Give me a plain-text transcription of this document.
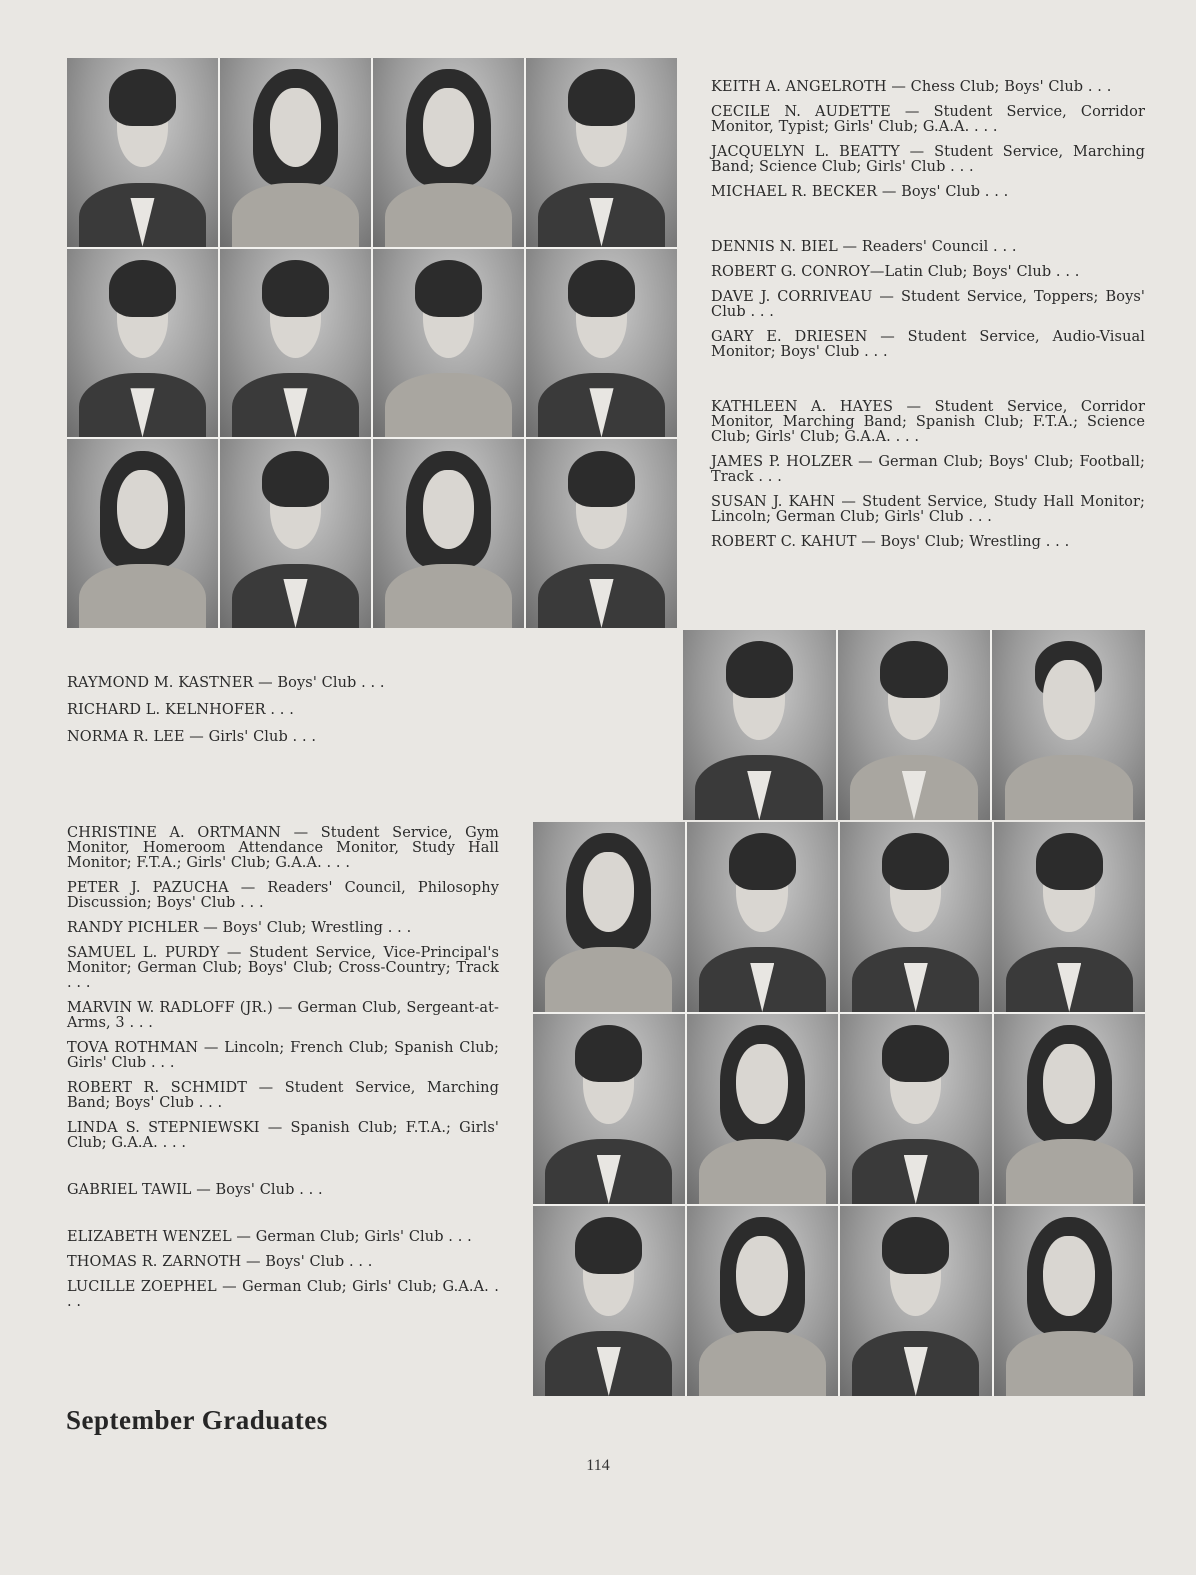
KEITH A. ANGELROTH — Chess Club; Boys' Club . . .

CECILE N. AUDETTE — Student Service, Corridor Monitor, Typist; Girls' Club; G.A.A. . . .

JACQUELYN L. BEATTY — Student Service, Marching Band; Science Club; Girls' Club . . .

MICHAEL R. BECKER — Boys' Club . . .

DENNIS N. BIEL — Readers' Council . . .

ROBERT G. CONROY—Latin Club; Boys' Club . . .

DAVE J. CORRIVEAU — Student Service, Toppers; Boys' Club . . .

GARY E. DRIESEN — Student Service, Audio-Visual Monitor; Boys' Club . . .

KATHLEEN A. HAYES — Student Service, Corridor Monitor, Marching Band; Spanish Club; F.T.A.; Science Club; Girls' Club; G.A.A. . . .

JAMES P. HOLZER — German Club; Boys' Club; Football; Track . . .

SUSAN J. KAHN — Student Service, Study Hall Monitor; Lincoln; German Club; Girls' Club . . .

ROBERT C. KAHUT — Boys' Club; Wrestling . . .

RAYMOND M. KASTNER — Boys' Club . . .

RICHARD L. KELNHOFER . . .

NORMA R. LEE — Girls' Club . . .

CHRISTINE A. ORTMANN — Student Service, Gym Monitor, Homeroom Attendance Monitor, Study Hall Monitor; F.T.A.; Girls' Club; G.A.A. . . .

PETER J. PAZUCHA — Readers' Council, Philosophy Discussion; Boys' Club . . .

RANDY PICHLER — Boys' Club; Wrestling . . .

SAMUEL L. PURDY — Student Service, Vice-Principal's Monitor; German Club; Boys' Club; Cross-Country; Track . . .

MARVIN W. RADLOFF (JR.) — German Club, Sergeant-at-Arms, 3 . . .

TOVA ROTHMAN — Lincoln; French Club; Spanish Club; Girls' Club . . .

ROBERT R. SCHMIDT — Student Service, Marching Band; Boys' Club . . .

LINDA S. STEPNIEWSKI — Spanish Club; F.T.A.; Girls' Club; G.A.A. . . .

GABRIEL TAWIL — Boys' Club . . .

ELIZABETH WENZEL — German Club; Girls' Club . . .

THOMAS R. ZARNOTH — Boys' Club . . .

LUCILLE ZOEPHEL — German Club; Girls' Club; G.A.A. . . .

September Graduates
114
